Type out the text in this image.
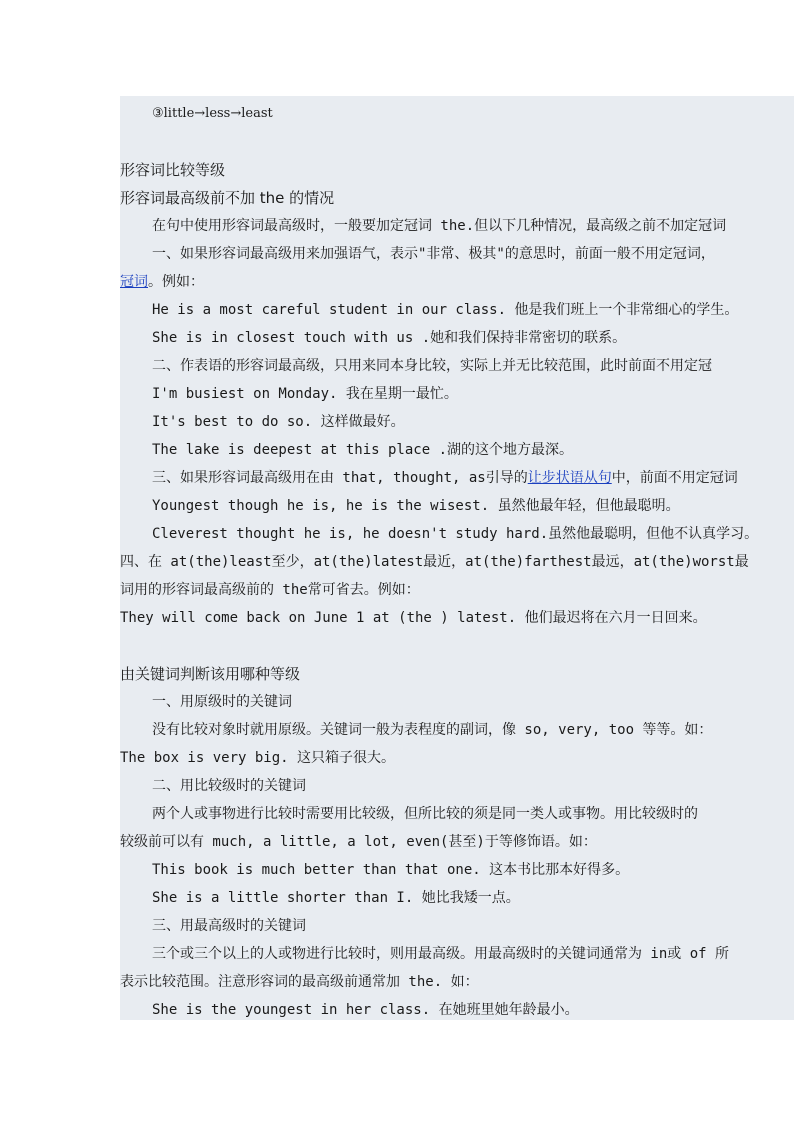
③little→less→least
形容词比较等级
形容词最高级前不加 the 的情况
在句中使用形容词最高级时，一般要加定冠词 the.但以下几种情况，最高级之前不加定冠词
一、如果形容词最高级用来加强语气，表示"非常、极其"的意思时，前面一般不用定冠词，
冠词。例如：
He is a most careful student in our class. 他是我们班上一个非常细心的学生。
She is in closest touch with us .她和我们保持非常密切的联系。
二、作表语的形容词最高级，只用来同本身比较，实际上并无比较范围，此时前面不用定冠
I'm busiest on Monday. 我在星期一最忙。
It's best to do so. 这样做最好。
The lake is deepest at this place .湖的这个地方最深。
三、如果形容词最高级用在由 that, thought, as引导的让步状语从句中，前面不用定冠词
Youngest though he is, he is the wisest. 虽然他最年轻，但他最聪明。
Cleverest thought he is, he doesn't study hard.虽然他最聪明，但他不认真学习。
四、在 at(the)least至少，at(the)latest最近，at(the)farthest最远，at(the)worst最
词用的形容词最高级前的 the常可省去。例如：
They will come back on June 1 at (the ) latest. 他们最迟将在六月一日回来。
由关键词判断该用哪种等级
一、用原级时的关键词
没有比较对象时就用原级。关键词一般为表程度的副词，像 so, very, too 等等。如：
The box is very big. 这只箱子很大。
二、用比较级时的关键词
两个人或事物进行比较时需要用比较级，但所比较的须是同一类人或事物。用比较级时的
较级前可以有 much, a little, a lot, even(甚至)于等修饰语。如：
This book is much better than that one. 这本书比那本好得多。
She is a little shorter than I. 她比我矮一点。
三、用最高级时的关键词
三个或三个以上的人或物进行比较时，则用最高级。用最高级时的关键词通常为 in或 of 所
表示比较范围。注意形容词的最高级前通常加 the. 如：
She is the youngest in her class. 在她班里她年龄最小。
